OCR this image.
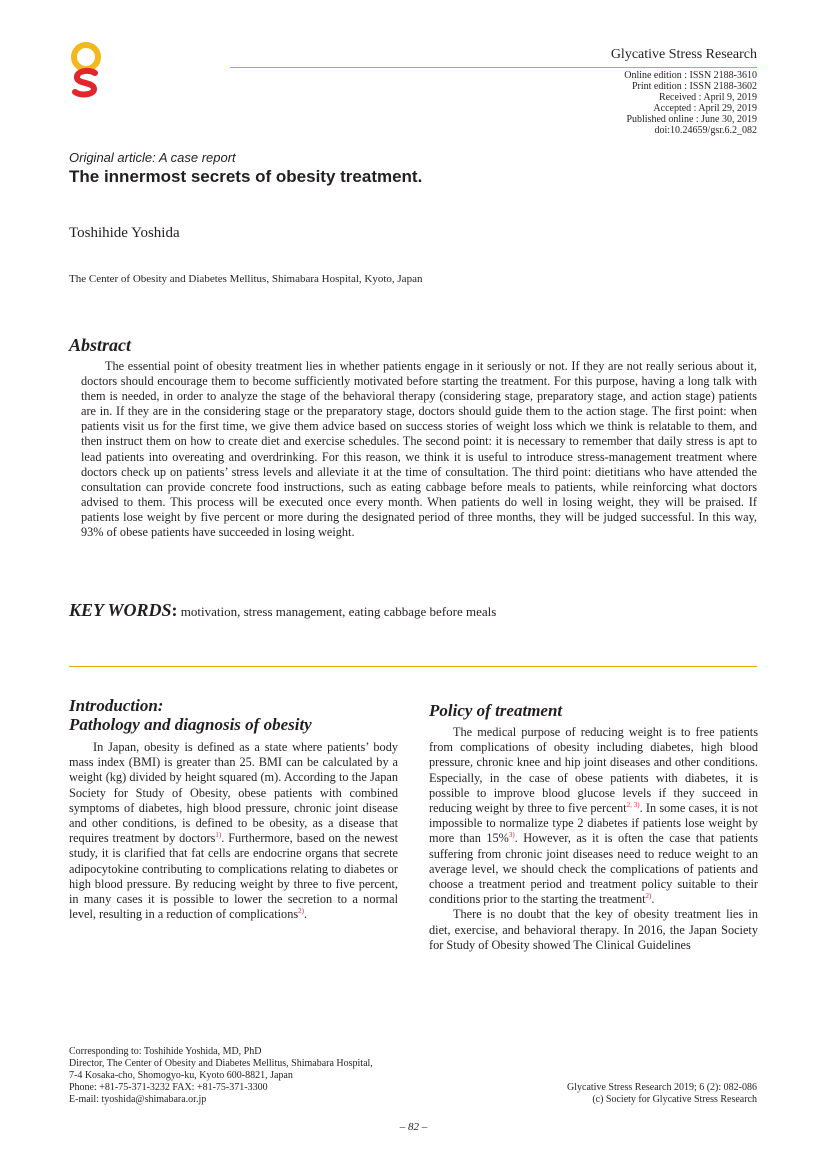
Glycative Stress Research
Online edition : ISSN 2188-3610
Print edition : ISSN 2188-3602
Received : April 9, 2019
Accepted : April 29, 2019
Published online : June 30, 2019
doi:10.24659/gsr.6.2_082
Original article: A case report
The innermost secrets of obesity treatment.
Toshihide Yoshida
The Center of Obesity and Diabetes Mellitus, Shimabara Hospital, Kyoto, Japan
Abstract

The essential point of obesity treatment lies in whether patients engage in it seriously or not. If they are not really serious about it, doctors should encourage them to become sufficiently motivated before starting the treatment. For this purpose, having a long talk with them is needed, in order to analyze the stage of the behavioral therapy (considering stage, preparatory stage, and action stage) patients are in. If they are in the considering stage or the preparatory stage, doctors should guide them to the action stage. The first point: when patients visit us for the first time, we give them advice based on success stories of weight loss which we think is relatable to them, and then instruct them on how to create diet and exercise schedules. The second point: it is necessary to remember that daily stress is apt to lead patients into overeating and overdrinking. For this reason, we think it is useful to introduce stress-management treatment where doctors check up on patients’ stress levels and alleviate it at the time of consultation. The third point: dietitians who have attended the consultation can provide concrete food instructions, such as eating cabbage before meals to patients, while reinforcing what doctors advised to them. This process will be executed once every month. When patients do well in losing weight, they will be praised. If patients lose weight by five percent or more during the designated period of three months, they will be judged successful. In this way, 93% of obese patients have succeeded in losing weight.

KEY WORDS: motivation, stress management, eating cabbage before meals
Introduction:
Pathology and diagnosis of obesity

In Japan, obesity is defined as a state where patients’ body mass index (BMI) is greater than 25. BMI can be calculated by a weight (kg) divided by height squared (m). According to the Japan Society for Study of Obesity, obese patients with combined symptoms of diabetes, high blood pressure, chronic joint disease and other conditions, is defined to be obesity, as a disease that requires treatment by doctors$^{1)}$. Furthermore, based on the newest study, it is clarified that fat cells are endocrine organs that secrete adipocytokine contributing to complications relating to diabetes or high blood pressure. By reducing weight by three to five percent, in many cases it is possible to lower the secretion to a normal level, resulting in a reduction of complications$^{2)}$.

Policy of treatment

The medical purpose of reducing weight is to free patients from complications of obesity including diabetes, high blood pressure, chronic knee and hip joint diseases and other conditions. Especially, in the case of obese patients with diabetes, it is possible to improve blood glucose levels if they succeed in reducing weight by three to five percent$^{2, 3)}$. In some cases, it is not impossible to normalize type 2 diabetes if patients lose weight by more than 15%$^{3)}$. However, as it is often the case that patients suffering from chronic joint diseases need to reduce weight to an average level, we should check the complications of patients and choose a treatment period and treatment policy suitable to their conditions prior to the starting the treatment$^{2)}$.

There is no doubt that the key of obesity treatment lies in diet, exercise, and behavioral therapy. In 2016, the Japan Society for Study of Obesity showed The Clinical Guidelines

Corresponding to: Toshihide Yoshida, MD, PhD
Director, The Center of Obesity and Diabetes Mellitus, Shimabara Hospital,
7-4 Kosaka-cho, Shomogyo-ku, Kyoto 600-8821, Japan
Phone: +81-75-371-3232 FAX: +81-75-371-3300
E-mail: tyoshida@shimabara.or.jp
Glycative Stress Research 2019; 6 (2): 082-086
(c) Society for Glycative Stress Research
– 82 –
